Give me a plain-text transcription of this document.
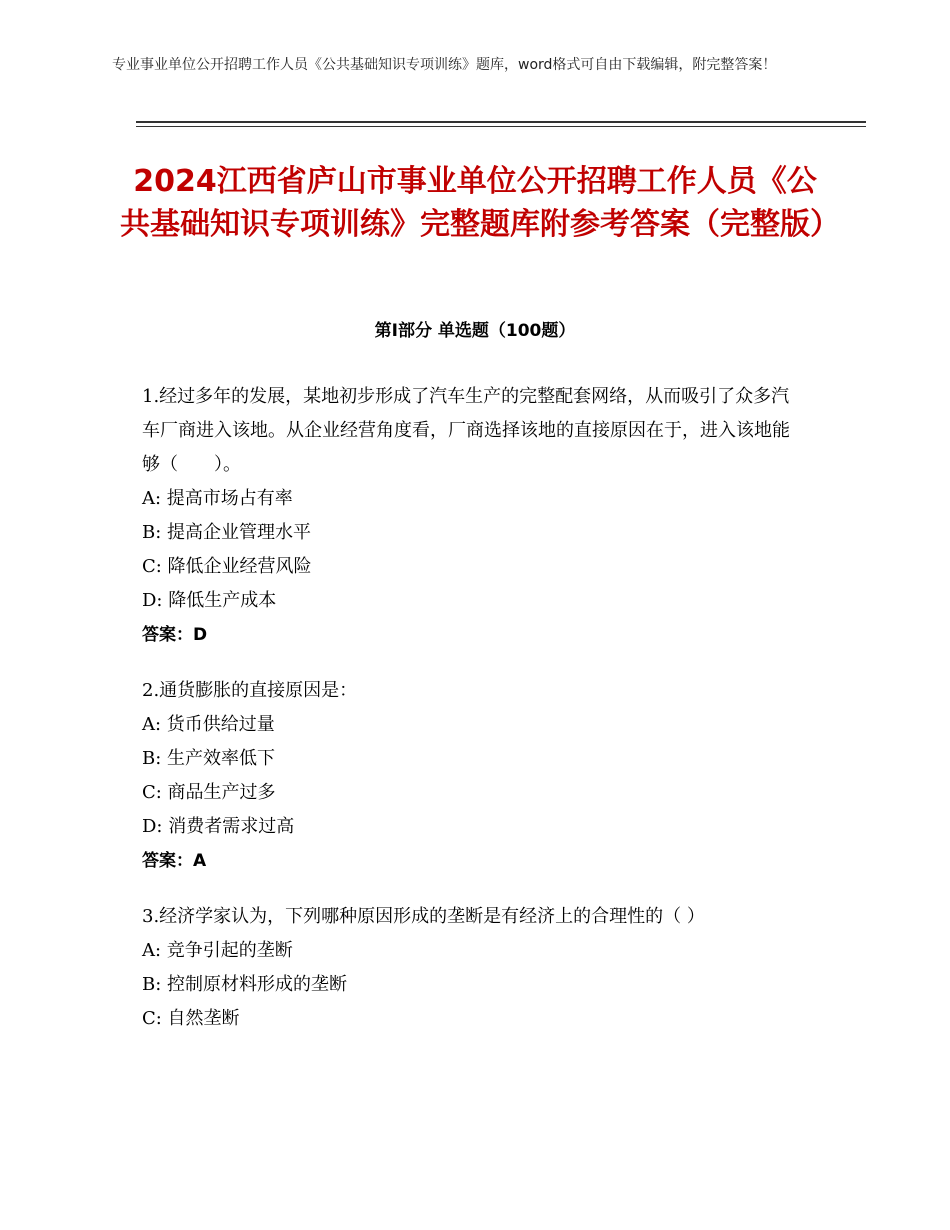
专业事业单位公开招聘工作人员《公共基础知识专项训练》题库，word格式可自由下载编辑，附完整答案！
2024江西省庐山市事业单位公开招聘工作人员《公共基础知识专项训练》完整题库附参考答案（完整版）
第Ⅰ部分 单选题（100题）
1.经过多年的发展，某地初步形成了汽车生产的完整配套网络，从而吸引了众多汽车厂商进入该地。从企业经营角度看，厂商选择该地的直接原因在于，进入该地能够（　　）。
A: 提高市场占有率
B: 提高企业管理水平
C: 降低企业经营风险
D: 降低生产成本
答案：D
2.通货膨胀的直接原因是：
A: 货币供给过量
B: 生产效率低下
C: 商品生产过多
D: 消费者需求过高
答案：A
3.经济学家认为，下列哪种原因形成的垄断是有经济上的合理性的（ ）
A: 竞争引起的垄断
B: 控制原材料形成的垄断
C: 自然垄断
